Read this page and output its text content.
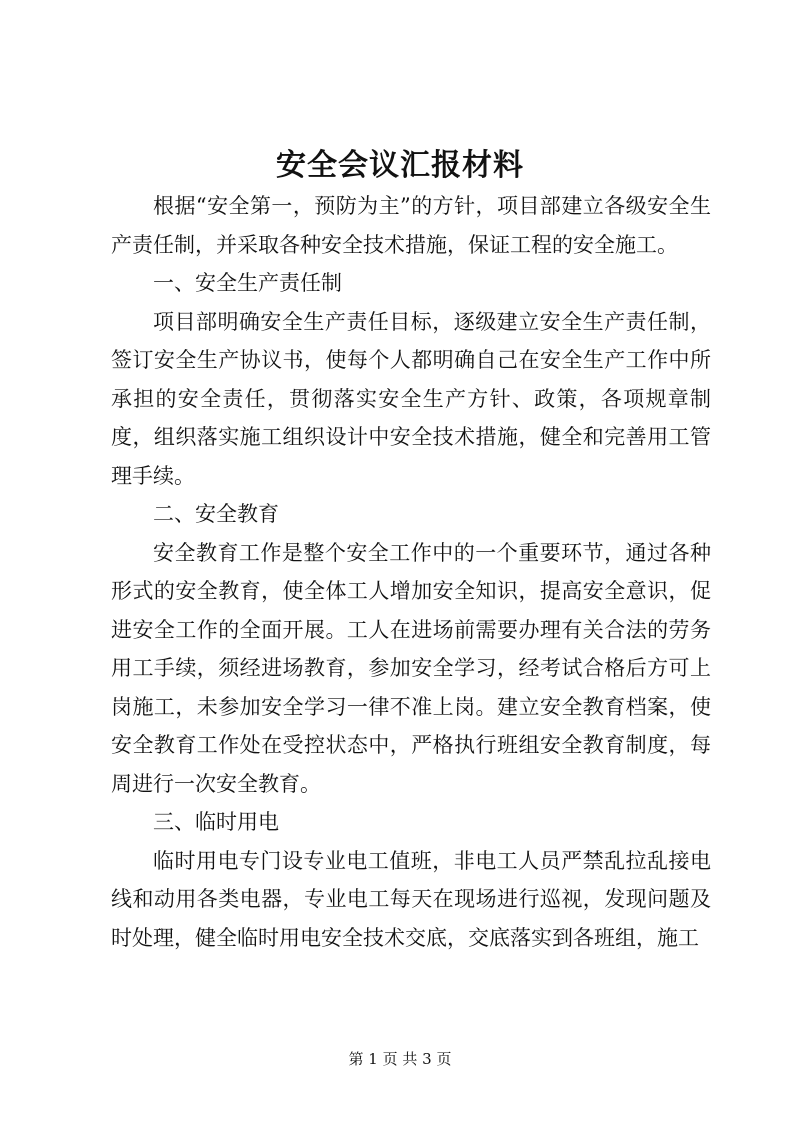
安全会议汇报材料

根据“安全第一，预防为主”的方针，项目部建立各级安全生产责任制，并采取各种安全技术措施，保证工程的安全施工。

一、安全生产责任制

项目部明确安全生产责任目标，逐级建立安全生产责任制，签订安全生产协议书，使每个人都明确自己在安全生产工作中所承担的安全责任，贯彻落实安全生产方针、政策，各项规章制度，组织落实施工组织设计中安全技术措施，健全和完善用工管理手续。

二、安全教育

安全教育工作是整个安全工作中的一个重要环节，通过各种形式的安全教育，使全体工人增加安全知识，提高安全意识，促进安全工作的全面开展。工人在进场前需要办理有关合法的劳务用工手续，须经进场教育，参加安全学习，经考试合格后方可上岗施工，未参加安全学习一律不准上岗。建立安全教育档案，使安全教育工作处在受控状态中，严格执行班组安全教育制度，每周进行一次安全教育。

三、临时用电

临时用电专门设专业电工值班，非电工人员严禁乱拉乱接电线和动用各类电器，专业电工每天在现场进行巡视，发现问题及时处理，健全临时用电安全技术交底，交底落实到各班组，施工

第 1 页 共 3 页
